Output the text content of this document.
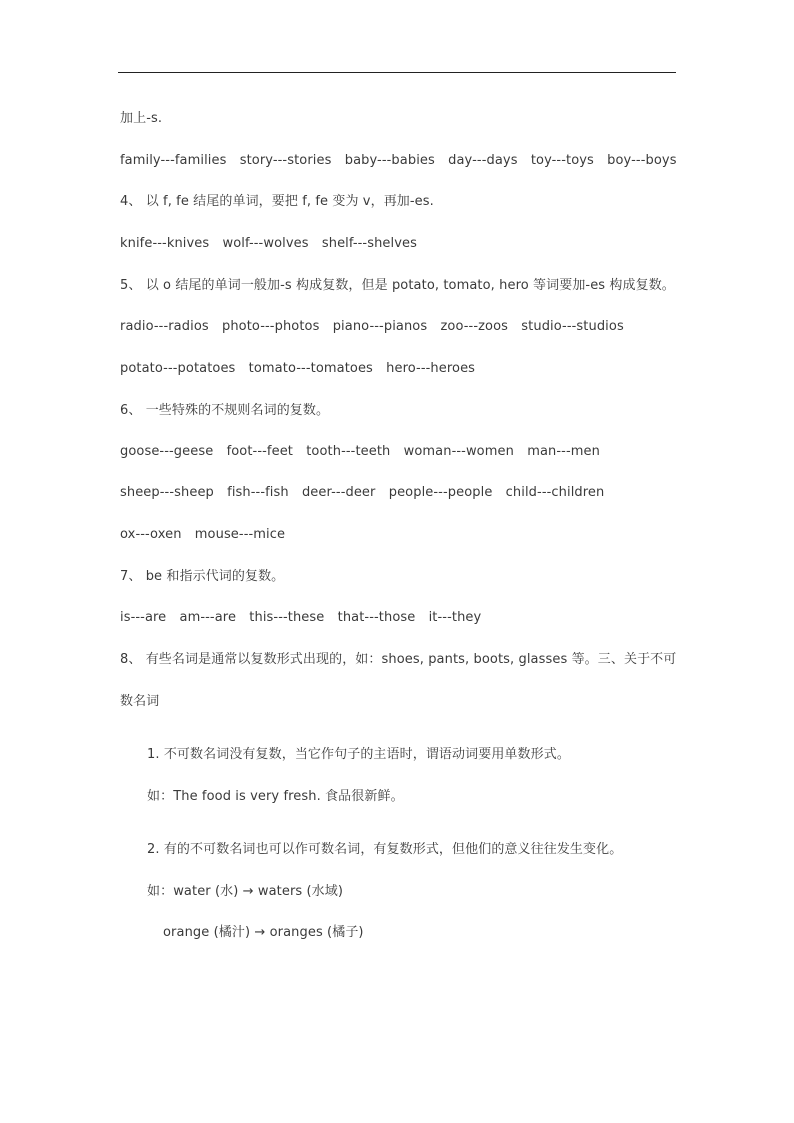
加上-s.
family---families story---stories baby---babies day---days toy---toys boy---boys
4、 以 f, fe 结尾的单词，要把 f, fe 变为 v，再加-es.
knife---knives wolf---wolves shelf---shelves
5、 以 o 结尾的单词一般加-s 构成复数，但是 potato, tomato, hero 等词要加-es 构成复数。
radio---radios photo---photos piano---pianos zoo---zoos studio---studios
potato---potatoes tomato---tomatoes hero---heroes
6、 一些特殊的不规则名词的复数。
goose---geese foot---feet tooth---teeth woman---women man---men
sheep---sheep fish---fish deer---deer people---people child---children
ox---oxen mouse---mice
7、 be 和指示代词的复数。
is---are am---are this---these that---those it---they
8、 有些名词是通常以复数形式出现的，如：shoes, pants, boots, glasses 等。三、关于不可
数名词
1. 不可数名词没有复数，当它作句子的主语时，谓语动词要用单数形式。
如：The food is very fresh. 食品很新鲜。
2. 有的不可数名词也可以作可数名词，有复数形式，但他们的意义往往发生变化。
如：water (水) → waters (水域)
orange (橘汁) → oranges (橘子)
